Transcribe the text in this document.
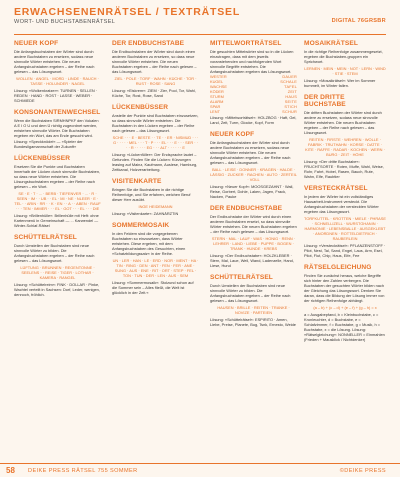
ERWACHSENENRÄTSEL / TEXTRÄTSEL
WORT- UND BUCHSTABENRÄTSEL	DIGITAL 76GRSBR
NEUER KOPF

Die Anfangsbuchstaben der Wörter sind durch andere Buchstaben zu ersetzen, sodass neue sinnvolle Wörter entstehen. Die neuen Anfangsbuchstaben ergeben – der Reihe nach gelesen – das Lösungswort.

WOLLEN · ANGEL · MORD · LINDE · RAUCH · TASSE · HOLUNDER · NAGEL
Lösung: »Wolkenkratzer«: TURNEN · SELLEN · REDEN · HAND · ROST · LASSE · WEBER · SCHMIEDE
KONSONANTENWECHSEL

Wenn die Buchstaben SIRMHNPKF den Vokalen A E I O U und dem Ü richtig zugeordnet werden, entstehen sinnvolle Wörter. Die Buchstaben ergeben ein Wort, das am Ende gesucht wird.

Lösung: »Speckknödel« — »Spieler der Bundesligamannschaft der Zukunft«
LÜCKENBÜSSER

Ersetzen Sie die Punkte und Buchstaben innerhalb der Lücken durch sinnvolle Buchstaben, so dass neue Wörter entstehen. Die Lösungsbuchstaben ergeben – der Reihe nach gelesen – ein Wort.

SE · E · T · ... · BERB · TIEFENVER · ... · R · SEEN · IM · · UB · · EL · MI · NE · NLEER · E · TEL · · ARIN · RR · · K · EN · · A · · ABEN · RAUF · · · TEN · IMMER · · · EL · GOT · · · EL · · · DIE
Lösung: »Brillenhülle«: Brillenhülle mit Heft: ohne Kartenmenü in Gemeinschaft — ... Karwendel — Winter-Schlaf-Rätsel
SCHÜTTELRÄTSEL

Durch Umstellen der Buchstaben sind neue sinnvolle Wörter zu bilden. Die Anfangsbuchstaben ergeben – der Reihe nach gelesen – das Lösungswort.

LÜFTUNG · BRUNNEN · REGENTONNE · SEELENS · · REISE · TIGER · LOTHAR · KAMERA · RANGEL
Lösung: »Schüttelreim«: FINK · DOLLAR · Pinke, Wachtel verteilt in Sachsen: Dorf, Leder, wenigen, dennoch, fröhlich.
DER ENDBUCHSTABE

Die Endbuchstaben der Wörter sind durch einen anderen Buchstaben zu ersetzen, so dass neue sinnvolle Wörter entstehen. Die neuen Buchstaben ergeben – der Reihe nach gelesen – das Lösungswort.

ZIEL · POLE · TORF · WAHN · KÜCHE · TOR · RUST · ROSE · SANG
Lösung: »Eiskrem«: ZIEM · Zier, Pool, Tor, Wahl, Küche, Tor, Rost, Rose, Sand
LÜCKENBÜSSER

Anstelle der Punkte sind Buchstaben einzusetzen, so dass sinnvolle Wörter entstehen. Die Buchstaben in den Lücken ergeben – der Reihe nach gelesen – das Lösungswort.

SCHE · · · E · BESTE · · TE · · ER · NISMUD · · · G · · · · · MEL · · · T · P · · · EL · · · E · · · SER · · · · R · · · · · EG · · · ALT · · · · · · E
Lösung: »Lückenfüller«: Der Endsprache lautet – Gefunden. Finden Sie die Lücken: Kürzungen leasing auf Mainz, Kaufmann, Auslese, Hamburg, Zeitkanal, Holzverarbeitung.
VISITENKARTE

Bringen Sie die Buchstaben in die richtige Reihenfolge, und Sie erfahren, welchen Beruf dieser Herr ausübt.

INGE HEIDEMANN
Lösung: »Visitenkarte«: ZAHNÄRZTIN
SOMMERMOSAIK

In den Feldern sind die vorgegebenen Buchstaben so einzusetzen, dass Wörter entstehen. Diese ergeben, mit dem Anfangsbuchstaben des Gesuchten, einen »Schatzbildungssatz« in der Reihe.

UN · LER · HAN · LE · ERD · NOR · MENT · HA · TIN · RING · DEN · ANT · FEN · FER · ANE · SUNG · AUS · ENE · RIT · ORT · STEP · FEL · TON · TUN · DER · LEN · AUS · SEM
Lösung: »Sommermosaik«: Stolzund schon auf die Sommer sein – Alles fließt, die Welt ist glücklich in der Zeit.«
MITTELWORTRÄTSEL

Die gesuchten Mittelwörter sind so in die Lücken einzutragen, dass mit dem jeweils voranstehenden und nachfolgenden Wort sinnvolle Begriffe entstehen. Die Anfangsbuchstaben ergeben das Lösungswort.

WESTER	DAUER
KUGEL	SCHALE
WACHSE	TAFEL
KÖDER	ZEIT
STURM	HAUS
ALARM	SEITE
SPAR	STICH
LENT	SCHUR
Lösung: »Mittelworträtsel«: HOLZBOG · Haft, Gel, Land, Zeit, Turm, Glocke, Kopf, Form
NEUER KOPF

Die Anfangsbuchstaben der Wörter sind durch andere Buchstaben zu ersetzen, sodass neue sinnvolle Wörter entstehen. Die neuen Anfangsbuchstaben ergeben – der Reihe nach gelesen – das Lösungswort.

BALL · LEISE · DONNER · KRAGEN · HALDE · LÄSSIG · ZUCKER · RACHEN · AUTO · ZERTEIL · VOLL
Lösung: »Neuer Kopf«: MOOSGEZAHNT · Wall, Reise, Gorbert, Dohle, Laken, Jagen, Frack, Nacken, Pauke
DER ENDBUCHSTABE

Der Endbuchstabe der Wörter wird durch einen anderen Buchstaben ersetzt, so dass sinnvolle Wörter entstehen. Die neuen Buchstaben ergeben – der Reihe nach gelesen – das Lösungswort.

STERN · MAL · LAUF · WAS · HONIG · RENN · LEHRER · LAND · LIEBE · PUPPE · BOGEN · TRANK · HUNDE · KREBS
Lösung: »Der Endbuchstabe«: HOLZKLEBER · Stern, Mal, Laue, Weil, Wand, Ladenzelle, Hand, Liese, Hund
SCHÜTTELRÄTSEL

Durch Umstellen der Buchstaben sind neue sinnvolle Wörter zu bilden. Die Anfangsbuchstaben ergeben – der Reihe nach gelesen – das Lösungswort.

HAUSEN · BRILLE · REITEN · TRANKE · NOVIZE · PARTEIEN
Lösung: »Schüttelrätsel«: ESPIRITO · Amen, Liebe, Preise, Planete, Bug, Tsnk, Ernesto, Weide
MOSAIKRÄTSEL

In die richtige Reihenfolge zusammengesetzt, ergeben die Buchstaben-gruppen ein Sprichwort.

LERNEN · MEIN · MEIN · NOT · LERN · WIND · STIE · STEM
Lösung: »Mosaikrätsel«: Wer im Sommer bummelt, im Winter fallen.
DER DRITTE BUCHSTABE

Die dritten Buchstaben der Wörter sind durch andere zu ersetzen, sodass neue sinnvolle Wörter entstehen. Die neuen Buchstaben ergeben – der Reihe nach gelesen – das Lösungswort.

REITEN · FIRSTE · WEHREN · WOLLE · FABRIK · TRUTHAHN · KORSE · DATTE · KITE · RAFFE · RADAR · KOCHEN · WERN · BURG · ZEIT · HÖHE
Lösung: »Der dritte Buchstabe«: FRUCHTSORTE · Roten, Muffe, Wahl, Weise, Rohr, Fahrt, Hobel, Rasen, Bauch, Rute, Wahn, Elfe, Raubtier
VERSTECKRÄTSEL

In jedem der Wörter ist ein vollständiges Hausarbeit-Instrument versteckt. Die Anfangsbuchstaben der versteckten Wörter ergeben das Lösungswort.

TORFKUTTEL · KROTTEN · MIELE · PHRASE · SCHNELLIZELL · WURSTGHANIN · HARMONIE · LEBENSBALLE · AUSGEKLEBT · ANORDNEN · ROTTELDIETRICH · RAUBERLEIN
Lösung: »Versteckrätsel«: PFLANZENSTOFF · Pilot, Nest, Tal, Sand, Engel, Laus, Arm, Esel, Pilot, Flut, Chip, Haus, Elfe, Fee
RÄTSELGLEICHUNG

Finden Sie zunächst heraus, welche Begriffe sich hinter den Zahlen verbergen. Die Buchstaben der gesuchten Wörter bilden nach der Gleichung das Lösungswort. Denken Sie daran, dass die Bildung der Lösung immer von der richtigen Reihenfolge abhängt.

(a – b) + (c – d) + (e – f) + (g – h) = x
a = Ausgabepfand, b = Kleinbuchstabe, c = Kronleuchter, d = Buchstabe, e = Schlafzimmer, f = Buchstabe, g = Musik, h = Buchstabe, x = die Lösung. Lösung: »Rätselgleichung«: NONNELLER = Einmahlen (Frieden + Mausklick / Nichtdenker)
58 DEIKE PRESS RÄTSEL 755 SOMMER	©DEIKE PRESS
